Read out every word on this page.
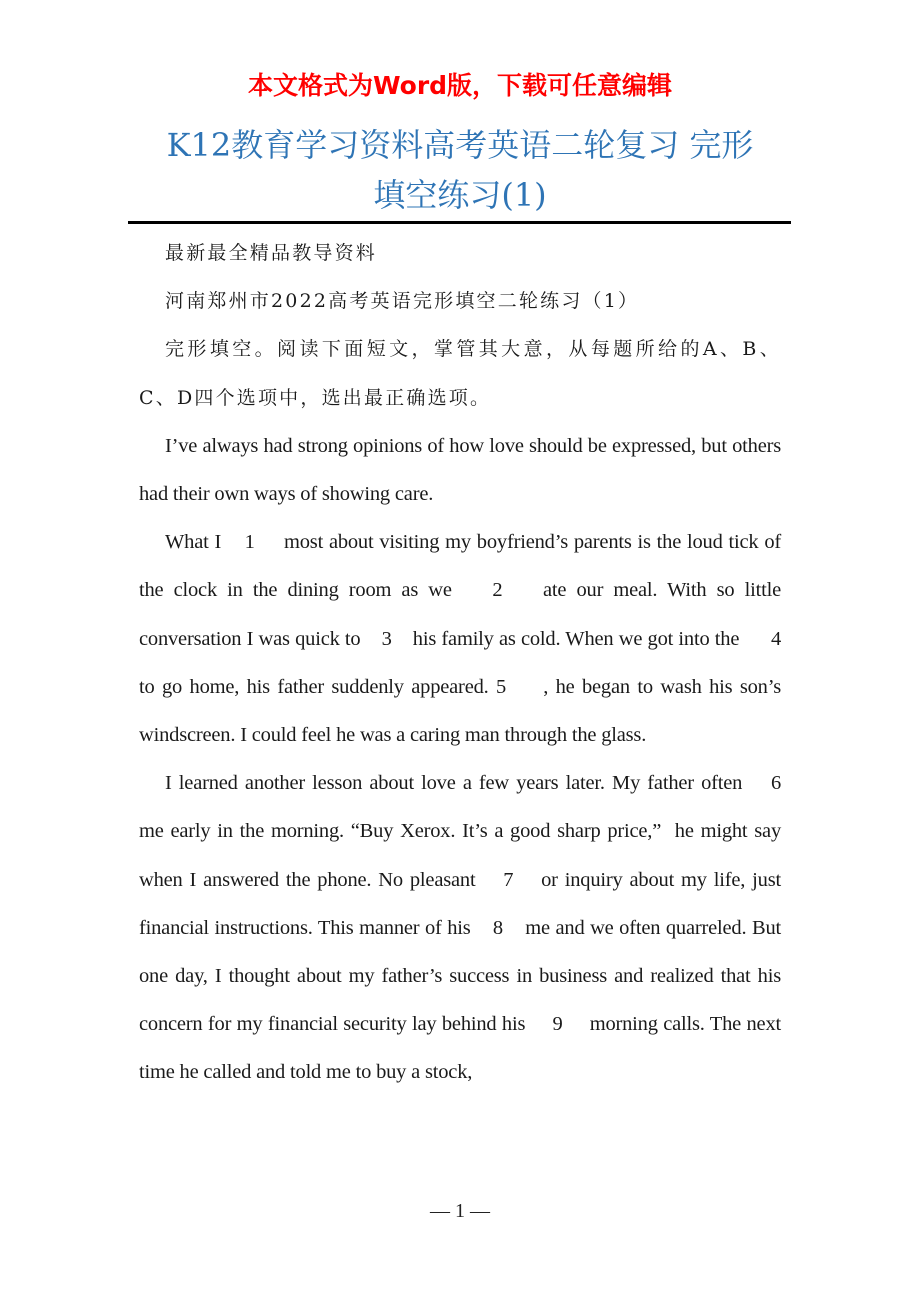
本文格式为Word版，下载可任意编辑
K12教育学习资料高考英语二轮复习 完形
填空练习(1)

最新最全精品教导资料

河南郑州市2022高考英语完形填空二轮练习（1）

完形填空。阅读下面短文，掌管其大意，从每题所给的A、B、C、D四个选项中，选出最正确选项。

I’ve always had strong opinions of how love should be expressed, but others had their own ways of showing care.

What I    1     most about visiting my boyfriend’s parents is the loud tick of the clock in the dining room as we    2    ate our meal. With so little conversation I was quick to    3    his family as cold. When we got into the      4      to go home, his father suddenly appeared. 5     , he began to wash his son’s windscreen. I could feel he was a caring man through the glass.

I learned another lesson about love a few years later. My father often    6     me early in the morning. “Buy Xerox. It’s a good sharp price,”  he might say when I answered the phone. No pleasant    7    or inquiry about my life, just financial instructions. This manner of his    8    me and we often quarreled. But one day, I thought about my father’s success in business and realized that his concern for my financial security lay behind his     9     morning calls. The next time he called and told me to buy a stock,

— 1 —
